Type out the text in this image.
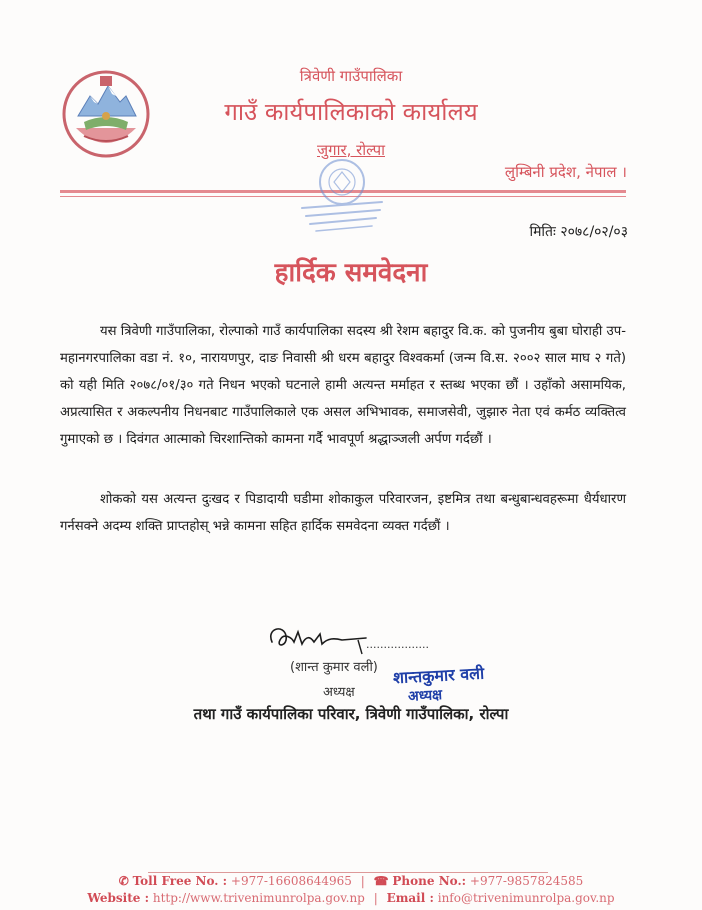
त्रिवेणी गाउँपालिका
गाउँ कार्यपालिकाको कार्यालय
जुगार, रोल्पा
लुम्बिनी प्रदेश, नेपाल ।
मितिः २०७८/०२/०३
हार्दिक समवेदना
यस त्रिवेणी गाउँपालिका, रोल्पाको गाउँ कार्यपालिका सदस्य श्री रेशम बहादुर वि.क. को पुजनीय बुबा घोराही उप-महानगरपालिका वडा नं. १०, नारायणपुर, दाङ निवासी श्री धरम बहादुर विश्वकर्मा (जन्म वि.स. २००२ साल माघ २ गते) को यही मिति २०७८/०१/३० गते निधन भएको घटनाले हामी अत्यन्त मर्माहत र स्तब्ध भएका छौं । उहाँको असामयिक, अप्रत्यासित र अकल्पनीय निधनबाट गाउँपालिकाले एक असल अभिभावक, समाजसेवी, जुझारु नेता एवं कर्मठ व्यक्तित्व गुमाएको छ । दिवंगत आत्माको चिरशान्तिको कामना गर्दै भावपूर्ण श्रद्धाञ्जली अर्पण गर्दछौं ।
शोकको यस अत्यन्त दुःखद र पिडादायी घडीमा शोकाकुल परिवारजन, इष्टमित्र तथा बन्धुबान्धवहरूमा धैर्यधारण गर्नसक्ने अदम्य शक्ति प्राप्तहोस् भन्ने कामना सहित हार्दिक समवेदना व्यक्त गर्दछौं ।
..................
(शान्त कुमार वली)
अध्यक्ष
शान्तकुमार वली
अध्यक्ष
तथा गाउँ कार्यपालिका परिवार, त्रिवेणी गाउँपालिका, रोल्पा
✆ Toll Free No. : +977-16608644965 | ☎ Phone No.: +977-9857824585
Website : http://www.trivenimunrolpa.gov.np | Email : info@trivenimunrolpa.gov.np
